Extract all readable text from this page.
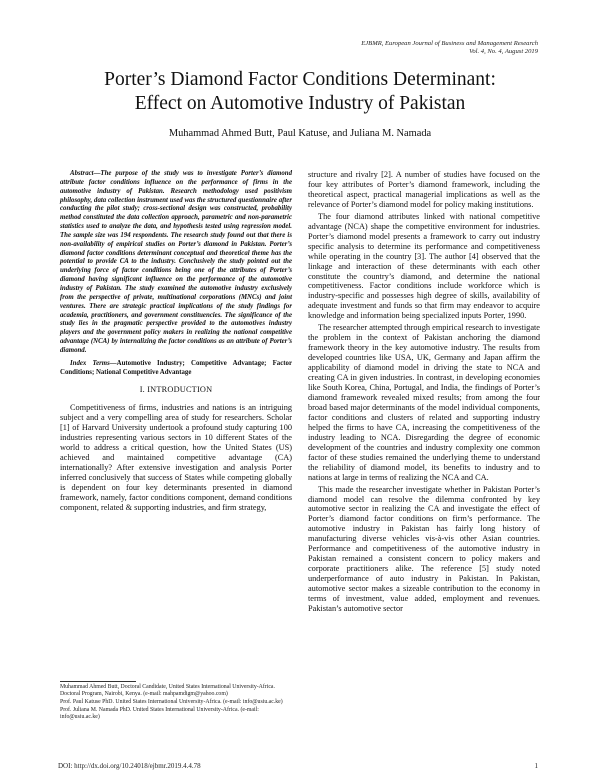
EJBMR, European Journal of Business and Management Research
Vol. 4, No. 4, August 2019
Porter’s Diamond Factor Conditions Determinant:
Effect on Automotive Industry of Pakistan
Muhammad Ahmed Butt, Paul Katuse, and Juliana M. Namada
Abstract—The purpose of the study was to investigate Porter’s diamond attribute factor conditions influence on the performance of firms in the automotive industry of Pakistan. Research methodology used positivism philosophy, data collection instrument used was the structured questionnaire after conducting the pilot study; cross-sectional design was constructed, probability method constituted the data collection approach, parametric and non-parametric statistics used to analyze the data, and hypothesis tested using regression model. The sample size was 194 respondents. The research study found out that there is non-availability of empirical studies on Porter’s diamond in Pakistan. Porter’s diamond factor conditions determinant conceptual and theoretical theme has the potential to provide CA to the industry. Conclusively the study pointed out the underlying force of factor conditions being one of the attributes of Porter’s diamond having significant influence on the performance of the automotive industry of Pakistan. The study examined the automotive industry exclusively from the perspective of private, multinational corporations (MNCs) and joint ventures. There are strategic practical implications of the study findings for academia, practitioners, and government constituencies. The significance of the study lies in the pragmatic perspective provided to the automotives industry players and the government policy makers in realizing the national competitive advantage (NCA) by internalizing the factor conditions as an attribute of Porter’s diamond.
Index Terms—Automotive Industry; Competitive Advantage; Factor Conditions; National Competitive Advantage
I. INTRODUCTION

Competitiveness of firms, industries and nations is an intriguing subject and a very compelling area of study for researchers. Scholar [1] of Harvard University undertook a profound study capturing 100 industries representing various sectors in 10 different States of the world to address a critical question, how the United States (US) achieved and maintained competitive advantage (CA) internationally? After extensive investigation and analysis Porter inferred conclusively that success of States while competing globally is dependent on four key determinants presented in diamond framework, namely, factor conditions component, demand conditions component, related & supporting industries, and firm strategy,

structure and rivalry [2]. A number of studies have focused on the four key attributes of Porter’s diamond framework, including the theoretical aspect, practical managerial implications as well as the relevance of Porter’s diamond model for policy making institutions.

The four diamond attributes linked with national competitive advantage (NCA) shape the competitive environment for industries. Porter’s diamond model presents a framework to carry out industry specific analysis to determine its performance and competitiveness while operating in the country [3]. The author [4] observed that the linkage and interaction of these determinants with each other constitute the country’s diamond, and determine the national competitiveness. Factor conditions include workforce which is industry-specific and possesses high degree of skills, availability of adequate investment and funds so that firm may endeavor to acquire knowledge and information being specialized inputs Porter, 1990.

The researcher attempted through empirical research to investigate the problem in the context of Pakistan anchoring the diamond framework theory in the key automotive industry. The results from developed countries like USA, UK, Germany and Japan affirm the applicability of diamond model in driving the state to NCA and creating CA in given industries. In contrast, in developing economies like South Korea, China, Portugal, and India, the findings of Porter’s diamond framework revealed mixed results; from among the four broad based major determinants of the model individual components, factor conditions and clusters of related and supporting industry helped the firms to have CA, increasing the competitiveness of the industry leading to NCA. Disregarding the degree of economic development of the countries and industry complexity one common factor of these studies remained the underlying theme to understand the reliability of diamond model, its benefits to industry and to nations at large in terms of realizing the NCA and CA.

This made the researcher investigate whether in Pakistan Porter’s diamond model can resolve the dilemma confronted by key automotive sector in realizing the CA and investigate the effect of Porter’s diamond factor conditions on firm’s performance. The automotive industry in Pakistan has fairly long history of manufacturing diverse vehicles vis-à-vis other Asian countries. Performance and competitiveness of the automotive industry in Pakistan remained a consistent concern to policy makers and corporate practitioners alike. The reference [5] study noted underperformance of auto industry in Pakistan. In Pakistan, automotive sector makes a sizeable contribution to the economy in terms of investment, value added, employment and revenues. Pakistan’s automotive sector

Muhammad Ahmed Butt, Doctoral Candidate, United States International University-Africa. Doctoral Program, Nairobi, Kenya. (e-mail: mahpamdigm@yahoo.com)
Prof. Paul Katuse PhD. United States International University-Africa. (e-mail: info@usiu.ac.ke)
Prof. Juliana M. Namada PhD. United States International University-Africa. (e-mail: info@usiu.ac.ke)
DOI: http://dx.doi.org/10.24018/ejbmr.2019.4.4.78	1
